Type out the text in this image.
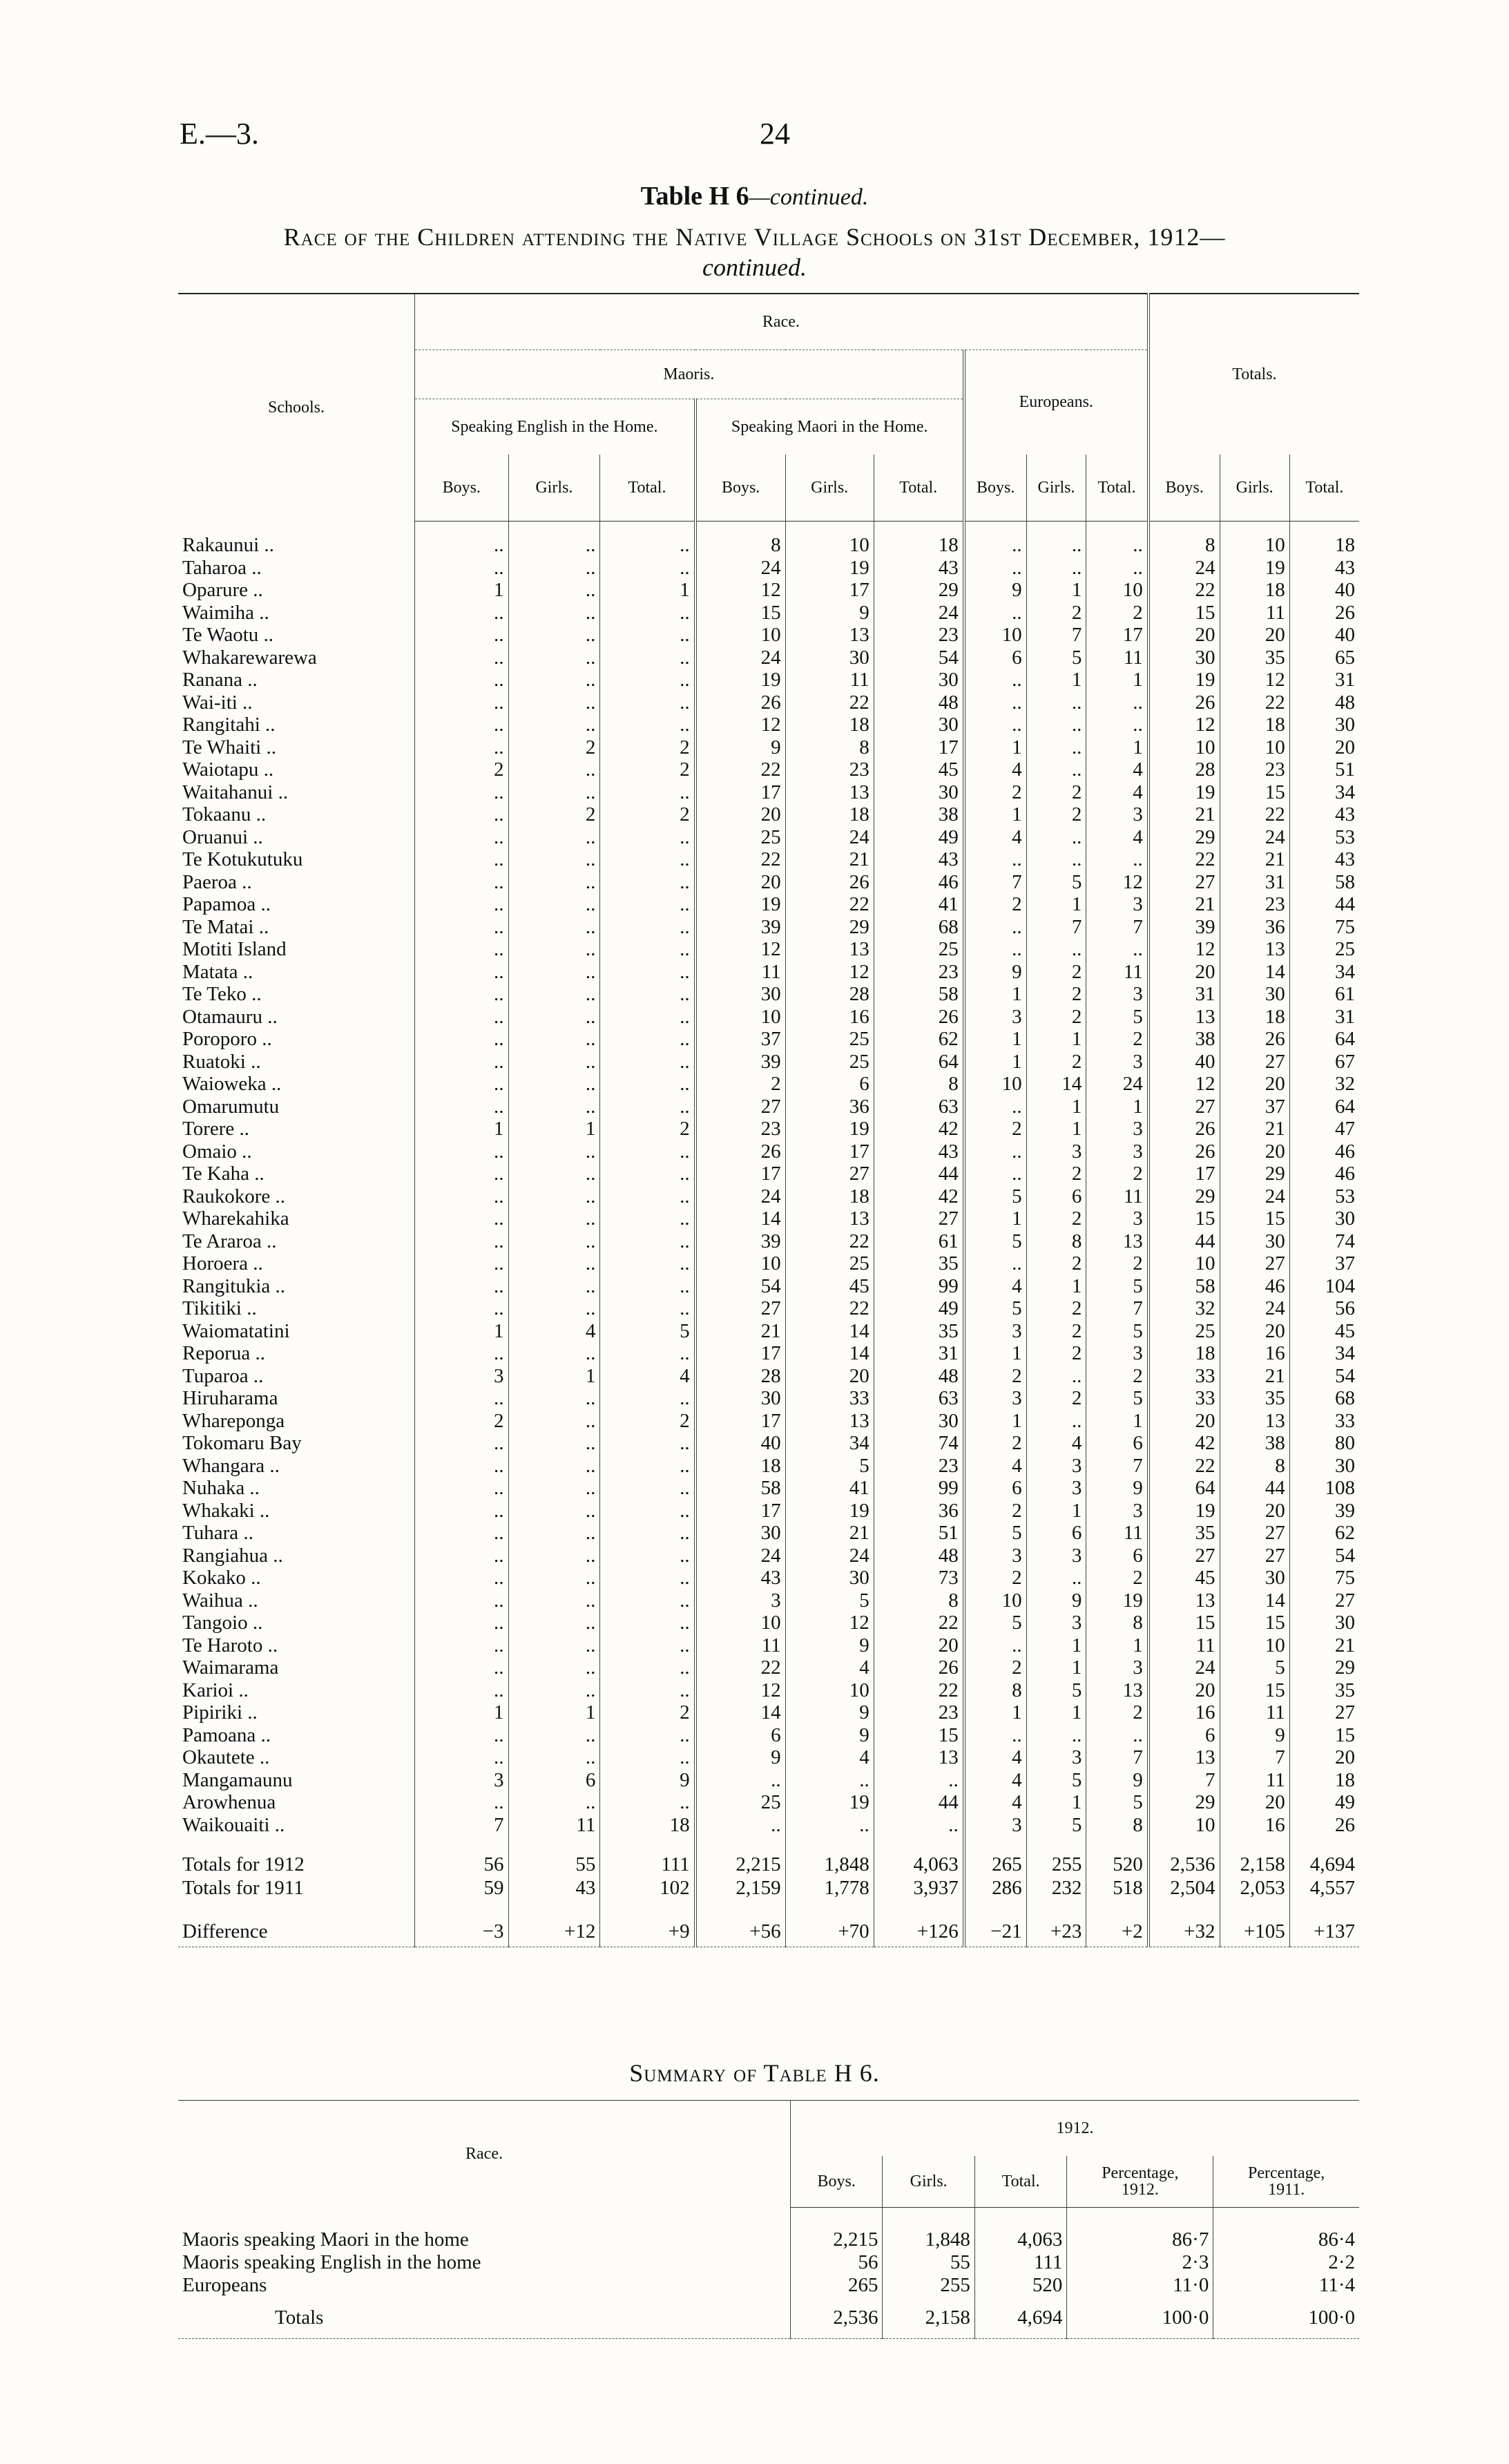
E.—3.	24
Table H 6—continued.
Race of the Children attending the Native Village Schools on 31st December, 1912—
continued.
Schools.	Race.									Totals.		
	Maoris.						Europeans.					
	Speaking English in the Home.			Speaking Maori in the Home.								
	Boys.	Girls.	Total.	Boys.	Girls.	Total.	Boys.	Girls.	Total.	Boys.	Girls.	Total.

Rakaunui ..	..	..	..	8	10	18	..	..	..	8	10	18
Taharoa ..	..	..	..	24	19	43	..	..	..	24	19	43
Oparure ..	1	..	1	12	17	29	9	1	10	22	18	40
Waimiha ..	..	..	..	15	9	24	..	2	2	15	11	26
Te Waotu ..	..	..	..	10	13	23	10	7	17	20	20	40
Whakarewarewa	..	..	..	24	30	54	6	5	11	30	35	65
Ranana ..	..	..	..	19	11	30	..	1	1	19	12	31
Wai-iti ..	..	..	..	26	22	48	..	..	..	26	22	48
Rangitahi ..	..	..	..	12	18	30	..	..	..	12	18	30
Te Whaiti ..	..	2	2	9	8	17	1	..	1	10	10	20
Waiotapu ..	2	..	2	22	23	45	4	..	4	28	23	51
Waitahanui ..	..	..	..	17	13	30	2	2	4	19	15	34
Tokaanu ..	..	2	2	20	18	38	1	2	3	21	22	43
Oruanui ..	..	..	..	25	24	49	4	..	4	29	24	53
Te Kotukutuku	..	..	..	22	21	43	..	..	..	22	21	43
Paeroa ..	..	..	..	20	26	46	7	5	12	27	31	58
Papamoa ..	..	..	..	19	22	41	2	1	3	21	23	44
Te Matai ..	..	..	..	39	29	68	..	7	7	39	36	75
Motiti Island	..	..	..	12	13	25	..	..	..	12	13	25
Matata ..	..	..	..	11	12	23	9	2	11	20	14	34
Te Teko ..	..	..	..	30	28	58	1	2	3	31	30	61
Otamauru ..	..	..	..	10	16	26	3	2	5	13	18	31
Poroporo ..	..	..	..	37	25	62	1	1	2	38	26	64
Ruatoki ..	..	..	..	39	25	64	1	2	3	40	27	67
Waioweka ..	..	..	..	2	6	8	10	14	24	12	20	32
Omarumutu	..	..	..	27	36	63	..	1	1	27	37	64
Torere ..	1	1	2	23	19	42	2	1	3	26	21	47
Omaio ..	..	..	..	26	17	43	..	3	3	26	20	46
Te Kaha ..	..	..	..	17	27	44	..	2	2	17	29	46
Raukokore ..	..	..	..	24	18	42	5	6	11	29	24	53
Wharekahika	..	..	..	14	13	27	1	2	3	15	15	30
Te Araroa ..	..	..	..	39	22	61	5	8	13	44	30	74
Horoera ..	..	..	..	10	25	35	..	2	2	10	27	37
Rangitukia ..	..	..	..	54	45	99	4	1	5	58	46	104
Tikitiki ..	..	..	..	27	22	49	5	2	7	32	24	56
Waiomatatini	1	4	5	21	14	35	3	2	5	25	20	45
Reporua ..	..	..	..	17	14	31	1	2	3	18	16	34
Tuparoa ..	3	1	4	28	20	48	2	..	2	33	21	54
Hiruharama	..	..	..	30	33	63	3	2	5	33	35	68
Whareponga	2	..	2	17	13	30	1	..	1	20	13	33
Tokomaru Bay	..	..	..	40	34	74	2	4	6	42	38	80
Whangara ..	..	..	..	18	5	23	4	3	7	22	8	30
Nuhaka ..	..	..	..	58	41	99	6	3	9	64	44	108
Whakaki ..	..	..	..	17	19	36	2	1	3	19	20	39
Tuhara ..	..	..	..	30	21	51	5	6	11	35	27	62
Rangiahua ..	..	..	..	24	24	48	3	3	6	27	27	54
Kokako ..	..	..	..	43	30	73	2	..	2	45	30	75
Waihua ..	..	..	..	3	5	8	10	9	19	13	14	27
Tangoio ..	..	..	..	10	12	22	5	3	8	15	15	30
Te Haroto ..	..	..	..	11	9	20	..	1	1	11	10	21
Waimarama	..	..	..	22	4	26	2	1	3	24	5	29
Karioi ..	..	..	..	12	10	22	8	5	13	20	15	35
Pipiriki ..	1	1	2	14	9	23	1	1	2	16	11	27
Pamoana ..	..	..	..	6	9	15	..	..	..	6	9	15
Okautete ..	..	..	..	9	4	13	4	3	7	13	7	20
Mangamaunu	3	6	9	..	..	..	4	5	9	7	11	18
Arowhenua	..	..	..	25	19	44	4	1	5	29	20	49
Waikouaiti ..	7	11	18	..	..	..	3	5	8	10	16	26

Totals for 1912	56	55	111	2,215	1,848	4,063	265	255	520	2,536	2,158	4,694
Totals for 1911	59	43	102	2,159	1,778	3,937	286	232	518	2,504	2,053	4,557

Difference	−3	+12	+9	+56	+70	+126	−21	+23	+2	+32	+105	+137
Summary of Table H 6.
Race.	1912.				
	Boys.	Girls.	Total.	Percentage,
1912.	Percentage,
1911.

Maoris speaking Maori in the home	2,215	1,848	4,063	86·7	86·4
Maoris speaking English in the home	56	55	111	2·3	2·2
Europeans	265	255	520	11·0	11·4
Totals	2,536	2,158	4,694	100·0	100·0
